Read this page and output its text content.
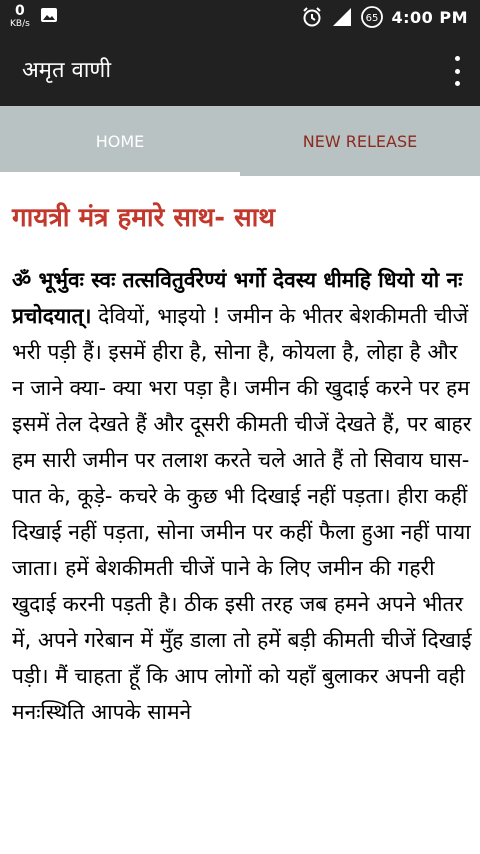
0
KB/s	65 4:00 PM
अमृत वाणी
HOME	NEW RELEASE
गायत्री मंत्र हमारे साथ- साथ

ॐ भूर्भुवः स्वः तत्सवितुर्वरेण्यं भर्गो देवस्य धीमहि धियो यो नः प्रचोदयात्। देवियों, भाइयो ! जमीन के भीतर बेशकीमती चीजें भरी पड़ी हैं। इसमें हीरा है, सोना है, कोयला है, लोहा है और न जाने क्या- क्या भरा पड़ा है। जमीन की खुदाई करने पर हम इसमें तेल देखते हैं और दूसरी कीमती चीजें देखते हैं, पर बाहर हम सारी जमीन पर तलाश करते चले आते हैं तो सिवाय घास- पात के, कूड़े- कचरे के कुछ भी दिखाई नहीं पड़ता। हीरा कहीं दिखाई नहीं पड़ता, सोना जमीन पर कहीं फैला हुआ नहीं पाया जाता। हमें बेशकीमती चीजें पाने के लिए जमीन की गहरी खुदाई करनी पड़ती है। ठीक इसी तरह जब हमने अपने भीतर में, अपने गरेबान में मुँह डाला तो हमें बड़ी कीमती चीजें दिखाई पड़ी। मैं चाहता हूँ कि आप लोगों को यहाँ बुलाकर अपनी वही मनःस्थिति आपके सामने
